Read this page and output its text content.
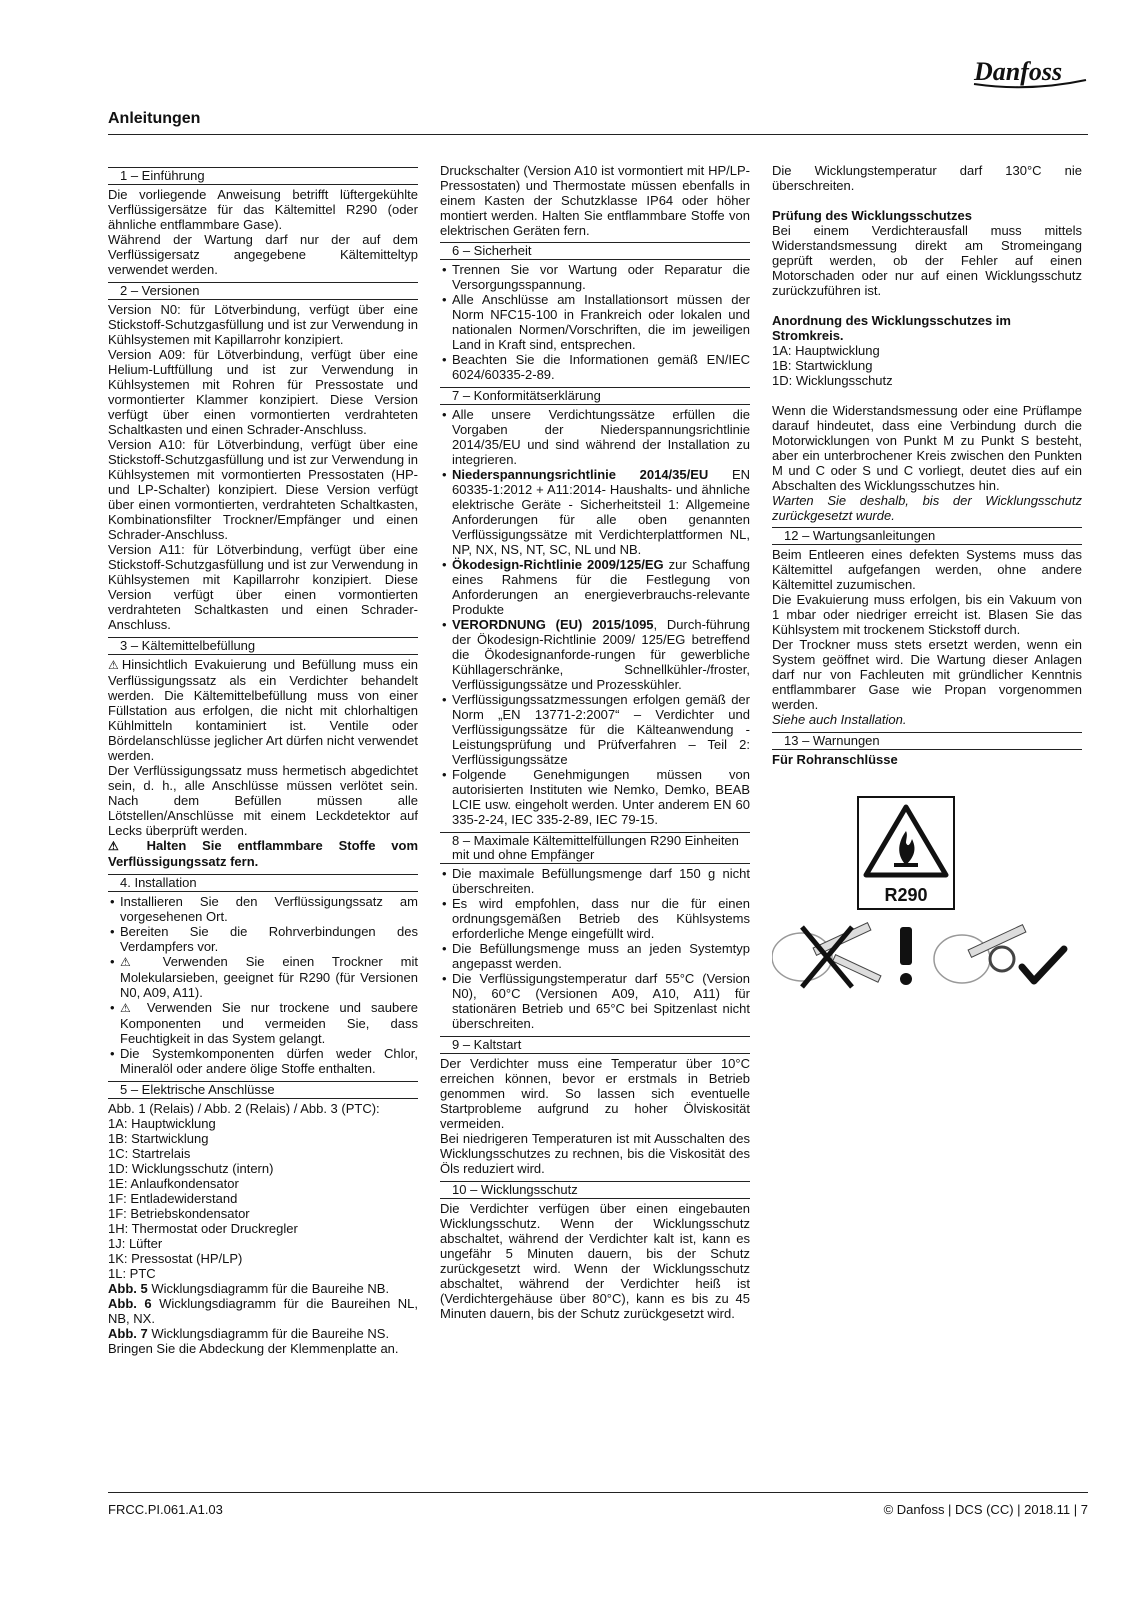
Danfoss
Anleitungen
1 – Einführung

Die vorliegende Anweisung betrifft lüftergekühlte Verflüssigersätze für das Kältemittel R290 (oder ähnliche entflammbare Gase).

Während der Wartung darf nur der auf dem Verflüssigersatz angegebene Kältemitteltyp verwendet werden.

2 – Versionen

Version N0: für Lötverbindung, verfügt über eine Stickstoff-Schutzgasfüllung und ist zur Verwendung in Kühlsystemen mit Kapillarrohr konzipiert.

Version A09: für Lötverbindung, verfügt über eine Helium-Luftfüllung und ist zur Verwendung in Kühlsystemen mit Rohren für Pressostate und vormontierter Klammer konzipiert. Diese Version verfügt über einen vormontierten verdrahteten Schaltkasten und einen Schrader-Anschluss.

Version A10: für Lötverbindung, verfügt über eine Stickstoff-Schutzgasfüllung und ist zur Verwendung in Kühlsystemen mit vormontierten Pressostaten (HP- und LP-Schalter) konzipiert. Diese Version verfügt über einen vormontierten, verdrahteten Schaltkasten, Kombinationsfilter Trockner/Empfänger und einen Schrader-Anschluss.

Version A11: für Lötverbindung, verfügt über eine Stickstoff-Schutzgasfüllung und ist zur Verwendung in Kühlsystemen mit Kapillarrohr konzipiert. Diese Version verfügt über einen vormontierten verdrahteten Schaltkasten und einen Schrader-Anschluss.

3 – Kältemittelbefüllung

⚠Hinsichtlich Evakuierung und Befüllung muss ein Verflüssigungssatz als ein Verdichter behandelt werden. Die Kältemittelbefüllung muss von einer Füllstation aus erfolgen, die nicht mit chlorhaltigen Kühlmitteln kontaminiert ist. Ventile oder Bördelanschlüsse jeglicher Art dürfen nicht verwendet werden.

Der Verflüssigungssatz muss hermetisch abgedichtet sein, d. h., alle Anschlüsse müssen verlötet sein. Nach dem Befüllen müssen alle Lötstellen/Anschlüsse mit einem Leckdetektor auf Lecks überprüft werden.

⚠ Halten Sie entflammbare Stoffe vom Verflüssigungssatz fern.

4. Installation
• Installieren Sie den Verflüssigungssatz am vorgesehenen Ort.
• Bereiten Sie die Rohrverbindungen des Verdampfers vor.
• ⚠ Verwenden Sie einen Trockner mit Molekularsieben, geeignet für R290 (für Versionen N0, A09, A11).
• ⚠ Verwenden Sie nur trockene und saubere Komponenten und vermeiden Sie, dass Feuchtigkeit in das System gelangt.
• Die Systemkomponenten dürfen weder Chlor, Mineralöl oder andere ölige Stoffe enthalten.
5 – Elektrische Anschlüsse

Abb. 1 (Relais) / Abb. 2 (Relais) / Abb. 3 (PTC):

1A: Hauptwicklung
1B: Startwicklung
1C: Startrelais
1D: Wicklungsschutz (intern)
1E: Anlaufkondensator
1F: Entladewiderstand
1F: Betriebskondensator
1H: Thermostat oder Druckregler
1J: Lüfter
1K: Pressostat (HP/LP)
1L: PTC

Abb. 5 Wicklungsdiagramm für die Baureihe NB.

Abb. 6 Wicklungsdiagramm für die Baureihen NL, NB, NX.

Abb. 7 Wicklungsdiagramm für die Baureihe NS.

Bringen Sie die Abdeckung der Klemmenplatte an.

Druckschalter (Version A10 ist vormontiert mit HP/LP-Pressostaten) und Thermostate müssen ebenfalls in einem Kasten der Schutzklasse IP64 oder höher montiert werden. Halten Sie entflammbare Stoffe von elektrischen Geräten fern.

6 – Sicherheit
• Trennen Sie vor Wartung oder Reparatur die Versorgungsspannung.
• Alle Anschlüsse am Installationsort müssen der Norm NFC15-100 in Frankreich oder lokalen und nationalen Normen/Vorschriften, die im jeweiligen Land in Kraft sind, entsprechen.
• Beachten Sie die Informationen gemäß EN/IEC 6024/60335-2-89.
7 – Konformitätserklärung
• Alle unsere Verdichtungssätze erfüllen die Vorgaben der Niederspannungsrichtlinie 2014/35/EU und sind während der Installation zu integrieren.
• Niederspannungsrichtlinie 2014/35/EU EN 60335-1:2012 + A11:2014- Haushalts- und ähnliche elektrische Geräte - Sicherheitsteil 1: Allgemeine Anforderungen für alle oben genannten Verflüssigungssätze mit Verdichterplattformen NL, NP, NX, NS, NT, SC, NL und NB.
• Ökodesign-Richtlinie 2009/125/EG zur Schaffung eines Rahmens für die Festlegung von Anforderungen an energieverbrauchs-relevante Produkte
• VERORDNUNG (EU) 2015/1095, Durch-führung der Ökodesign-Richtlinie 2009/ 125/EG betreffend die Ökodesignanforde-rungen für gewerbliche Kühllagerschränke, Schnellkühler-/froster, Verflüssigungssätze und Prozesskühler.
• Verflüssigungssatzmessungen erfolgen gemäß der Norm „EN 13771-2:2007“ – Verdichter und Verflüssigungssätze für die Kälteanwendung - Leistungsprüfung und Prüfverfahren – Teil 2: Verflüssigungssätze
• Folgende Genehmigungen müssen von autorisierten Instituten wie Nemko, Demko, BEAB LCIE usw. eingeholt werden. Unter anderem EN 60 335-2-24, IEC 335-2-89, IEC 79-15.
8 – Maximale Kältemittelfüllungen R290 Einheiten mit und ohne Empfänger
• Die maximale Befüllungsmenge darf 150 g nicht überschreiten.
• Es wird empfohlen, dass nur die für einen ordnungsgemäßen Betrieb des Kühlsystems erforderliche Menge eingefüllt wird.
• Die Befüllungsmenge muss an jeden Systemtyp angepasst werden.
• Die Verflüssigungstemperatur darf 55°C (Version N0), 60°C (Versionen A09, A10, A11) für stationären Betrieb und 65°C bei Spitzenlast nicht überschreiten.
9 – Kaltstart

Der Verdichter muss eine Temperatur über 10°C erreichen können, bevor er erstmals in Betrieb genommen wird. So lassen sich eventuelle Startprobleme aufgrund zu hoher Ölviskosität vermeiden.

Bei niedrigeren Temperaturen ist mit Ausschalten des Wicklungsschutzes zu rechnen, bis die Viskosität des Öls reduziert wird.

10 – Wicklungsschutz

Die Verdichter verfügen über einen eingebauten Wicklungsschutz. Wenn der Wicklungsschutz abschaltet, während der Verdichter kalt ist, kann es ungefähr 5 Minuten dauern, bis der Schutz zurückgesetzt wird. Wenn der Wicklungsschutz abschaltet, während der Verdichter heiß ist (Verdichtergehäuse über 80°C), kann es bis zu 45 Minuten dauern, bis der Schutz zurückgesetzt wird.

Die Wicklungstemperatur darf 130°C nie überschreiten.

Prüfung des Wicklungsschutzes

Bei einem Verdichterausfall muss mittels Widerstandsmessung direkt am Stromeingang geprüft werden, ob der Fehler auf einen Motorschaden oder nur auf einen Wicklungsschutz zurückzuführen ist.

Anordnung des Wicklungsschutzes im Stromkreis.
1A: Hauptwicklung
1B: Startwicklung
1D: Wicklungsschutz

Wenn die Widerstandsmessung oder eine Prüflampe darauf hindeutet, dass eine Verbindung durch die Motorwicklungen von Punkt M zu Punkt S besteht, aber ein unterbrochener Kreis zwischen den Punkten M und C oder S und C vorliegt, deutet dies auf ein Abschalten des Wicklungsschutzes hin.

Warten Sie deshalb, bis der Wicklungsschutz zurückgesetzt wurde.

12 – Wartungsanleitungen

Beim Entleeren eines defekten Systems muss das Kältemittel aufgefangen werden, ohne andere Kältemittel zuzumischen.

Die Evakuierung muss erfolgen, bis ein Vakuum von 1 mbar oder niedriger erreicht ist. Blasen Sie das Kühlsystem mit trockenem Stickstoff durch.

Der Trockner muss stets ersetzt werden, wenn ein System geöffnet wird. Die Wartung dieser Anlagen darf nur von Fachleuten mit gründlicher Kenntnis entflammbarer Gase wie Propan vorgenommen werden.

Siehe auch Installation.

13 – Warnungen
Für Rohranschlüsse
R290
FRCC.PI.061.A1.03	© Danfoss | DCS (CC) | 2018.11 | 7
